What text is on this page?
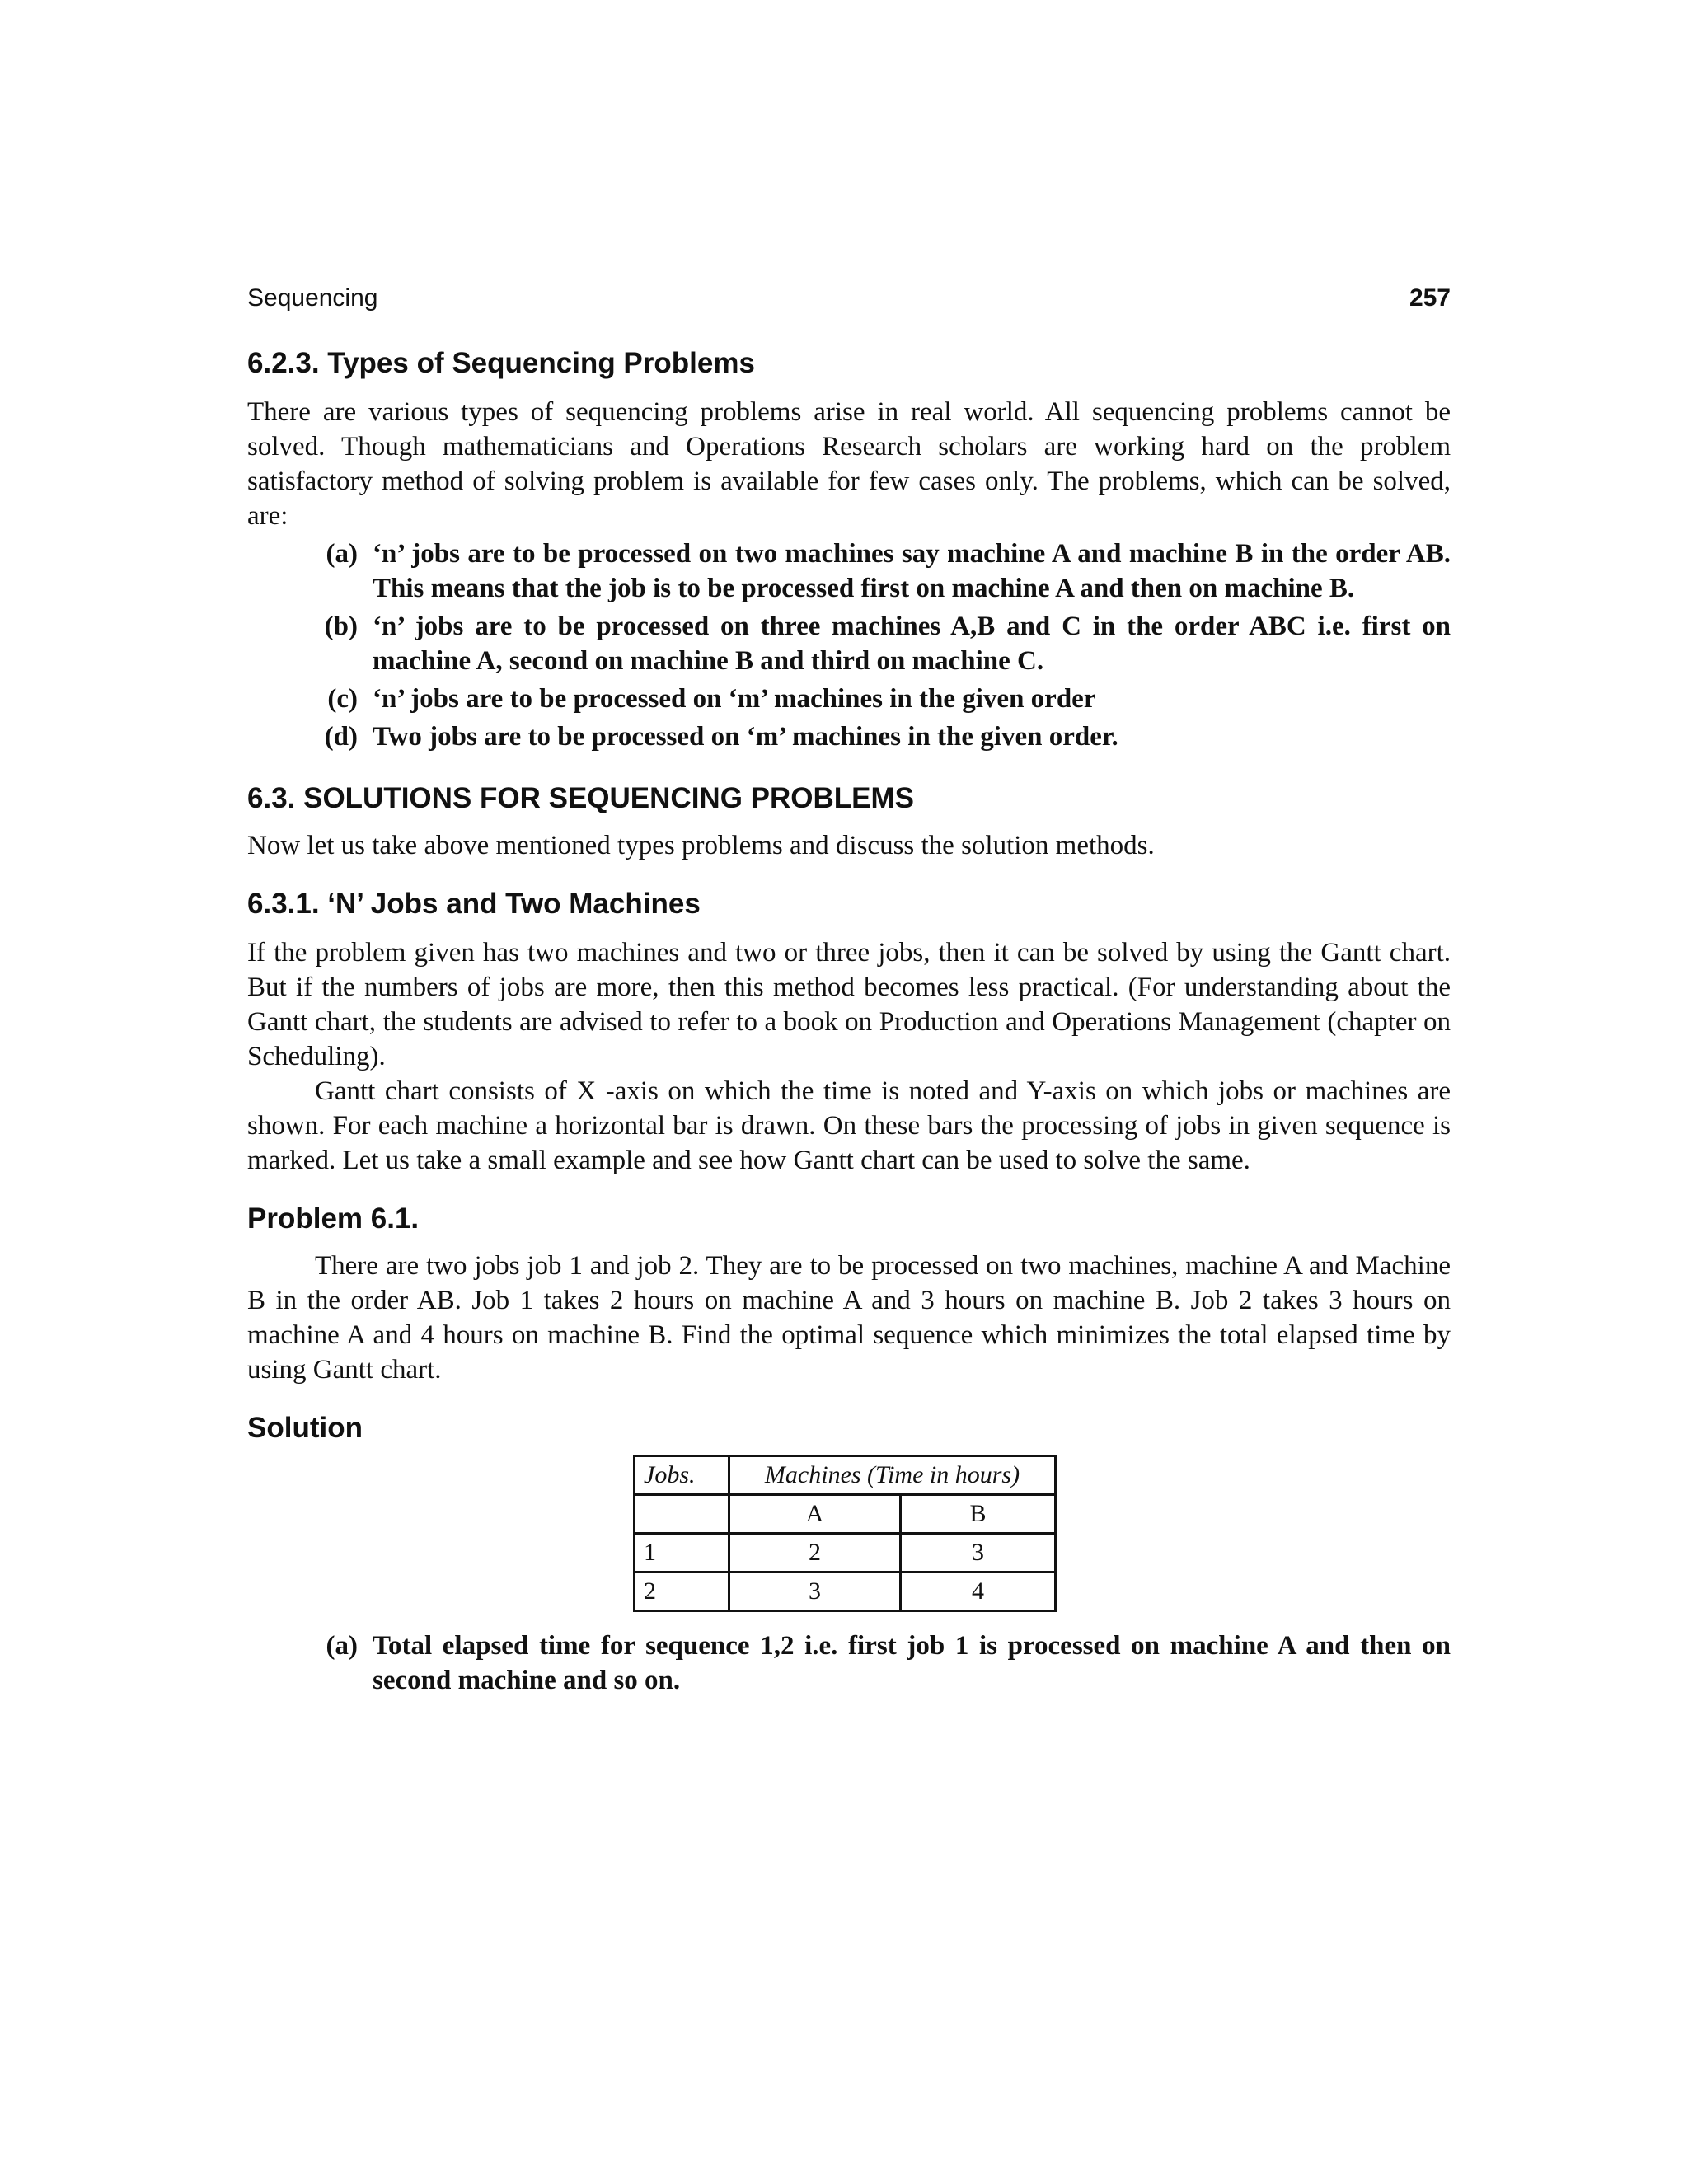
Sequencing	257
6.2.3. Types of Sequencing Problems

There are various types of sequencing problems arise in real world. All sequencing problems cannot be solved. Though mathematicians and Operations Research scholars are working hard on the problem satisfactory method of solving problem is available for few cases only. The problems, which can be solved, are:

(a) ‘n’ jobs are to be processed on two machines say machine A and machine B in the order AB. This means that the job is to be processed first on machine A and then on machine B.
(b) ‘n’ jobs are to be processed on three machines A,B and C in the order ABC i.e. first on machine A, second on machine B and third on machine C.
(c) ‘n’ jobs are to be processed on ‘m’ machines in the given order
(d) Two jobs are to be processed on ‘m’ machines in the given order.
6.3. SOLUTIONS FOR SEQUENCING PROBLEMS

Now let us take above mentioned types problems and discuss the solution methods.

6.3.1. ‘N’ Jobs and Two Machines

If the problem given has two machines and two or three jobs, then it can be solved by using the Gantt chart. But if the numbers of jobs are more, then this method becomes less practical. (For understanding about the Gantt chart, the students are advised to refer to a book on Production and Operations Management (chapter on Scheduling).

Gantt chart consists of X -axis on which the time is noted and Y-axis on which jobs or machines are shown. For each machine a horizontal bar is drawn. On these bars the processing of jobs in given sequence is marked. Let us take a small example and see how Gantt chart can be used to solve the same.

Problem 6.1.

There are two jobs job 1 and job 2. They are to be processed on two machines, machine A and Machine B in the order AB. Job 1 takes 2 hours on machine A and 3 hours on machine B. Job 2 takes 3 hours on machine A and 4 hours on machine B. Find the optimal sequence which minimizes the total elapsed time by using Gantt chart.

Solution
Jobs.	Machines (Time in hours)	
	A	B
1	2	3
2	3	4
(a) Total elapsed time for sequence 1,2 i.e. first job 1 is processed on machine A and then on second machine and so on.
